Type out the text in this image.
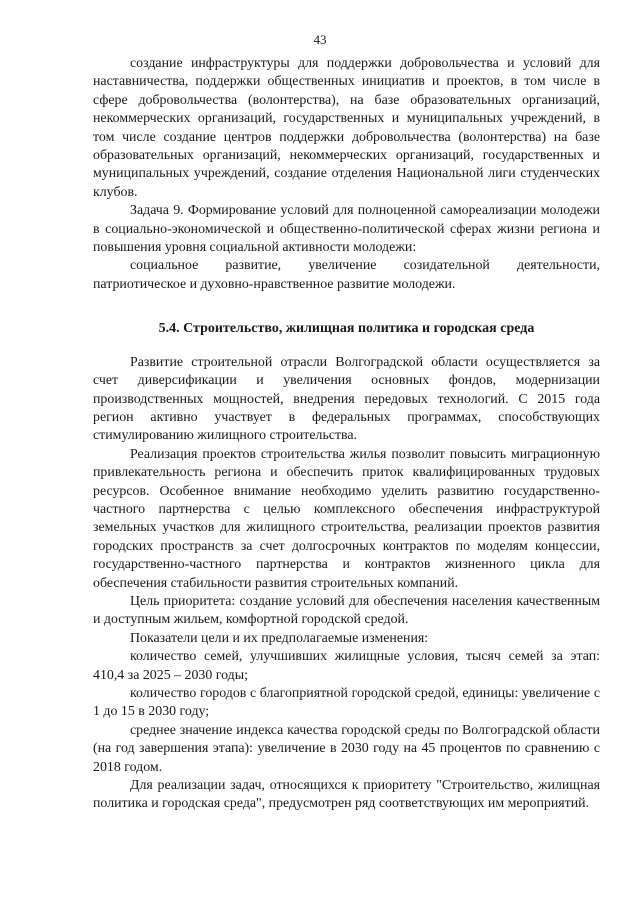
43

создание инфраструктуры для поддержки добровольчества и условий для наставничества, поддержки общественных инициатив и проектов, в том числе в сфере добровольчества (волонтерства), на базе образовательных организаций, некоммерческих организаций, государственных и муниципальных учреждений, в том числе создание центров поддержки добровольчества (волонтерства) на базе образовательных организаций, некоммерческих организаций, государственных и муниципальных учреждений, создание отделения Национальной лиги студенческих клубов.

Задача 9. Формирование условий для полноценной самореализации молодежи в социально-экономической и общественно-политической сферах жизни региона и повышения уровня социальной активности молодежи:

социальное развитие, увеличение созидательной деятельности, патриотическое и духовно-нравственное развитие молодежи.

5.4. Строительство, жилищная политика и городская среда

Развитие строительной отрасли Волгоградской области осуществляется за счет диверсификации и увеличения основных фондов, модернизации производственных мощностей, внедрения передовых технологий. С 2015 года регион активно участвует в федеральных программах, способствующих стимулированию жилищного строительства.

Реализация проектов строительства жилья позволит повысить миграционную привлекательность региона и обеспечить приток квалифицированных трудовых ресурсов. Особенное внимание необходимо уделить развитию государственно-частного партнерства с целью комплексного обеспечения инфраструктурой земельных участков для жилищного строительства, реализации проектов развития городских пространств за счет долгосрочных контрактов по моделям концессии, государственно-частного партнерства и контрактов жизненного цикла для обеспечения стабильности развития строительных компаний.

Цель приоритета: создание условий для обеспечения населения качественным и доступным жильем, комфортной городской средой.

Показатели цели и их предполагаемые изменения:

количество семей, улучшивших жилищные условия, тысяч семей за этап: 410,4 за 2025 – 2030 годы;

количество городов с благоприятной городской средой, единицы: увеличение с 1 до 15 в 2030 году;

среднее значение индекса качества городской среды по Волгоградской области (на год завершения этапа): увеличение в 2030 году на 45 процентов по сравнению с 2018 годом.

Для реализации задач, относящихся к приоритету "Строительство, жилищная политика и городская среда", предусмотрен ряд соответствующих им мероприятий.
